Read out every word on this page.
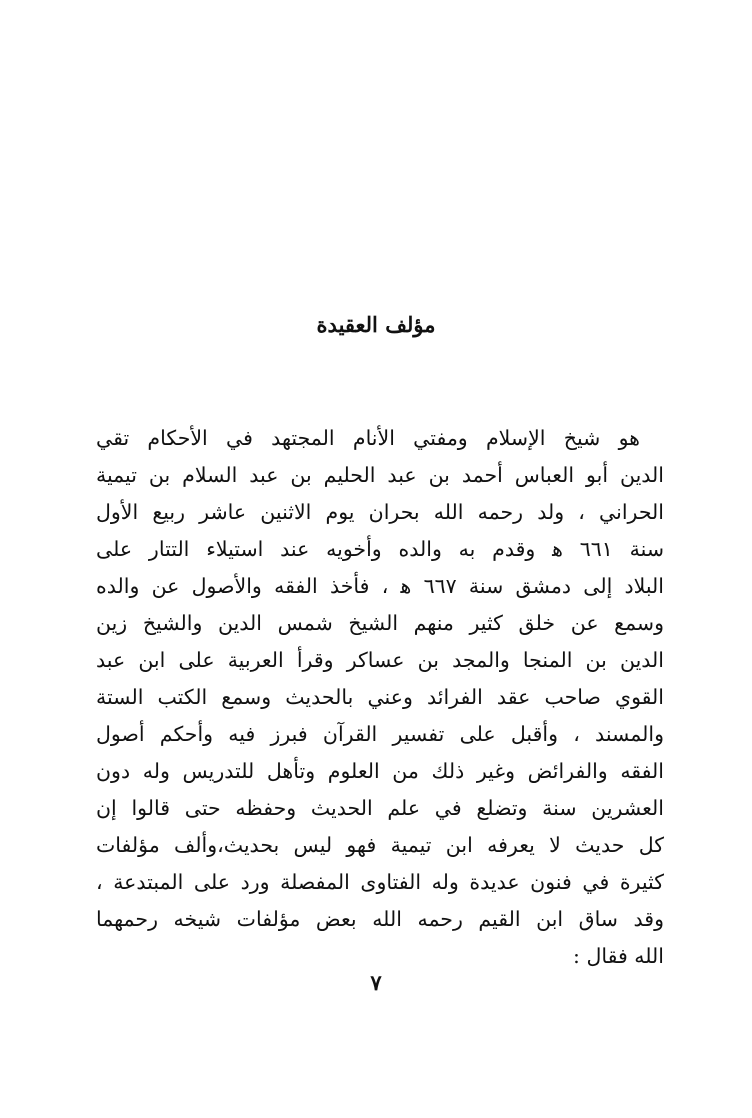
مؤلف العقيدة
هو شيخ الإسلام ومفتي الأنام المجتهد في الأحكام تقي
الدين أبو العباس أحمد بن عبد الحليم بن عبد السلام بن تيمية
الحراني ، ولد رحمه الله بحران يوم الاثنين عاشر ربيع الأول
سنة ٦٦١ ﻫ وقدم به والده وأخويه عند استيلاء التتار على
البلاد إلى دمشق سنة ٦٦٧ ﻫ ، فأخذ الفقه والأصول عن والده
وسمع عن خلق كثير منهم الشيخ شمس الدين والشيخ زين
الدين بن المنجا والمجد بن عساكر وقرأ العربية على ابن عبد
القوي صاحب عقد الفرائد وعني بالحديث وسمع الكتب الستة
والمسند ، وأقبل على تفسير القرآن فبرز فيه وأحكم أصول
الفقه والفرائض وغير ذلك من العلوم وتأهل للتدريس وله دون
العشرين سنة وتضلع في علم الحديث وحفظه حتى قالوا إن
كل حديث لا يعرفه ابن تيمية فهو ليس بحديث،وألف مؤلفات
كثيرة في فنون عديدة وله الفتاوى المفصلة ورد على المبتدعة ،
وقد ساق ابن القيم رحمه الله بعض مؤلفات شيخه رحمهما
الله فقال :
٧
